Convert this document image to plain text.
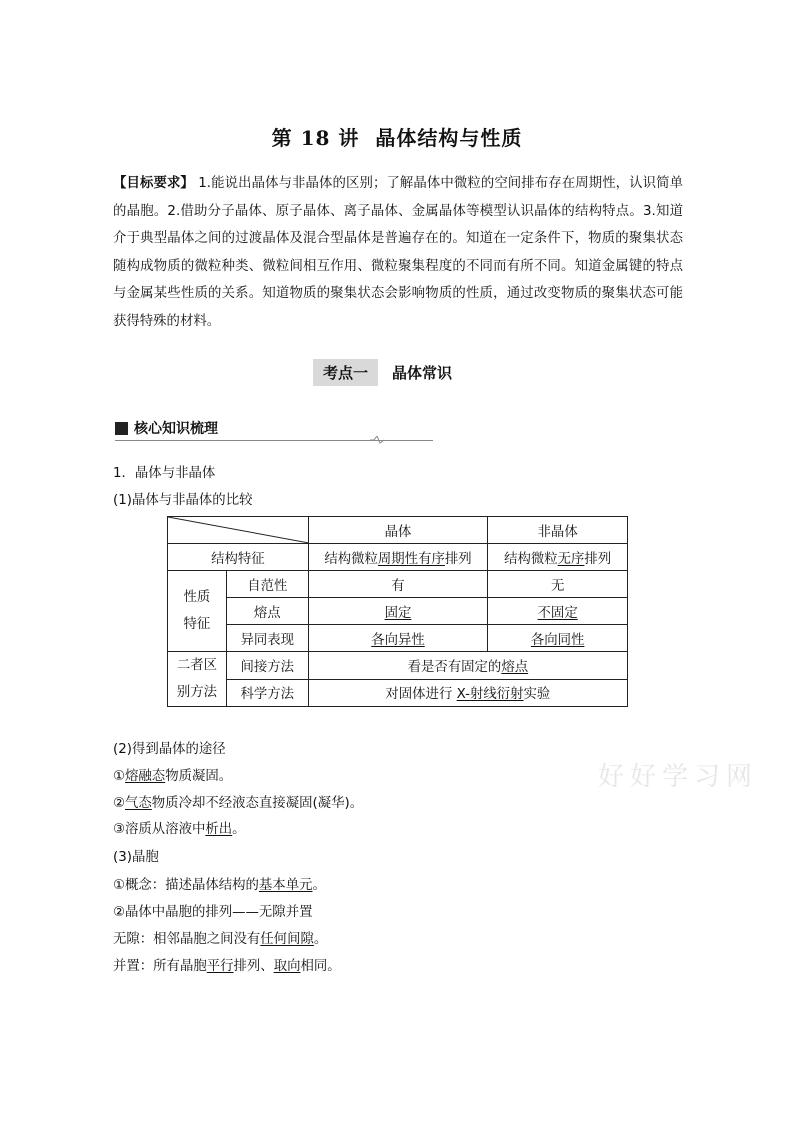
第 18 讲 晶体结构与性质
【目标要求】 1.能说出晶体与非晶体的区别；了解晶体中微粒的空间排布存在周期性，认识简单的晶胞。2.借助分子晶体、原子晶体、离子晶体、金属晶体等模型认识晶体的结构特点。3.知道介于典型晶体之间的过渡晶体及混合型晶体是普遍存在的。知道在一定条件下，物质的聚集状态随构成物质的微粒种类、微粒间相互作用、微粒聚集程度的不同而有所不同。知道金属键的特点与金属某些性质的关系。知道物质的聚集状态会影响物质的性质，通过改变物质的聚集状态可能获得特殊的材料。
考点一	晶体常识
核心知识梳理
1．晶体与非晶体
(1)晶体与非晶体的比较
	晶体	非晶体
结构特征		结构微粒周期性有序排列	结构微粒无序排列
性质
特征	自范性	有	无
	熔点	固定	不固定
	异同表现	各向异性	各向同性
二者区
别方法	间接方法	看是否有固定的熔点	
	科学方法	对固体进行 X-射线衍射实验	
(2)得到晶体的途径
①熔融态物质凝固。
②气态物质冷却不经液态直接凝固(凝华)。
③溶质从溶液中析出。
(3)晶胞
①概念：描述晶体结构的基本单元。
②晶体中晶胞的排列——无隙并置
无隙：相邻晶胞之间没有任何间隙。
并置：所有晶胞平行排列、取向相同。
好好学习网
